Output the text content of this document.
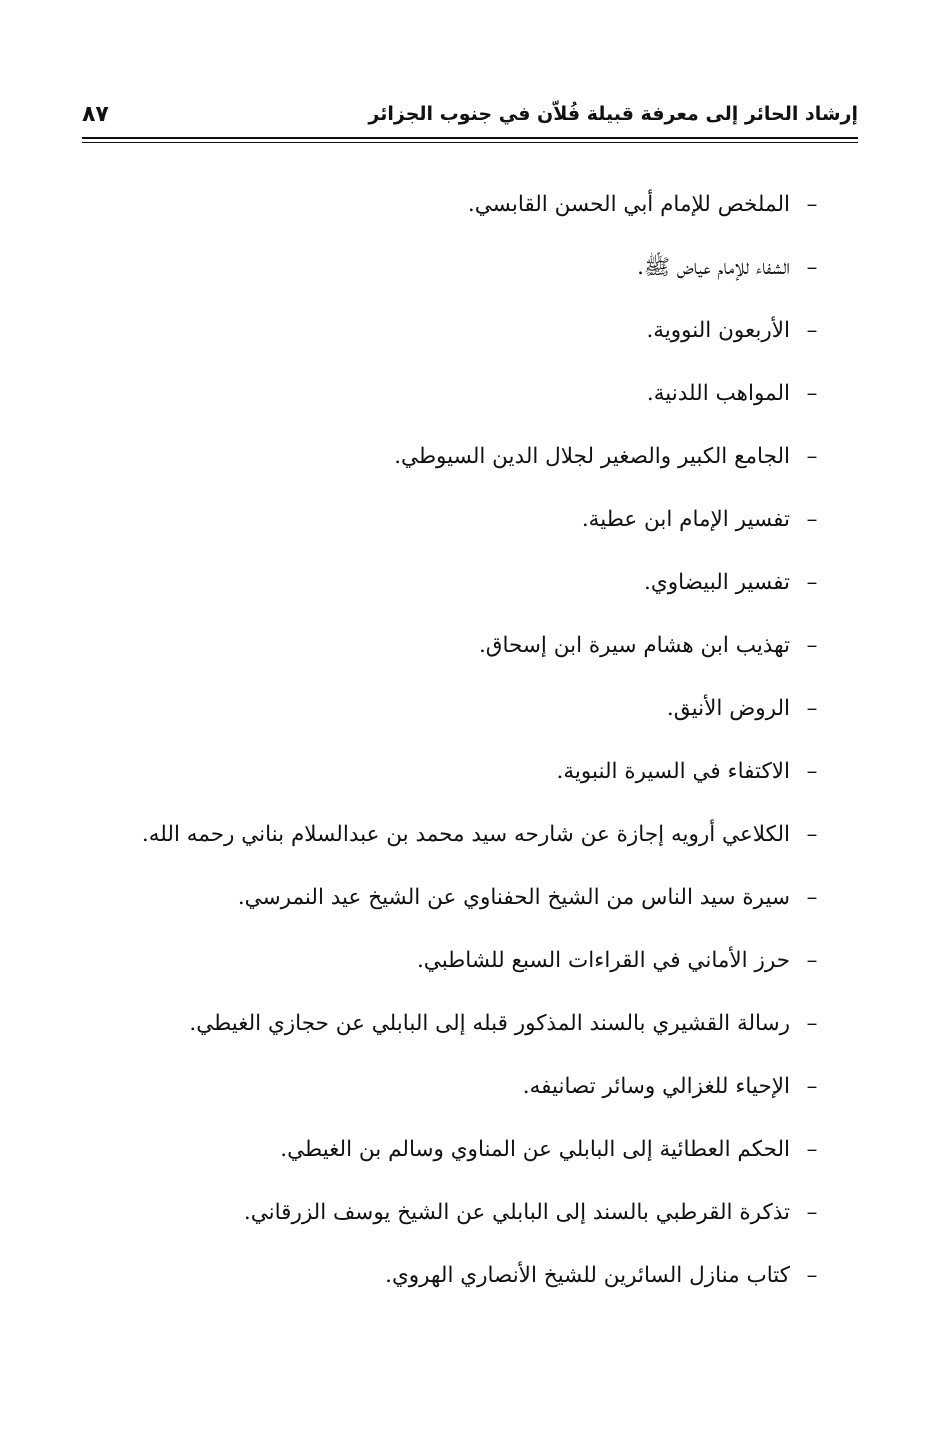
إرشاد الحائر إلى معرفة قبيلة فُلاّن في جنوب الجزائر
٨٧
–
الملخص للإمام أبي الحسن القابسي.
–
الشفاء للإمام عياض ﷺ.
–
الأربعون النووية.
–
المواهب اللدنية.
–
الجامع الكبير والصغير لجلال الدين السيوطي.
–
تفسير الإمام ابن عطية.
–
تفسير البيضاوي.
–
تهذيب ابن هشام سيرة ابن إسحاق.
–
الروض الأنيق.
–
الاكتفاء في السيرة النبوية.
–
الكلاعي أرويه إجازة عن شارحه سيد محمد بن عبدالسلام بناني رحمه الله.
–
سيرة سيد الناس من الشيخ الحفناوي عن الشيخ عيد النمرسي.
–
حرز الأماني في القراءات السبع للشاطبي.
–
رسالة القشيري بالسند المذكور قبله إلى البابلي عن حجازي الغيطي.
–
الإحياء للغزالي وسائر تصانيفه.
–
الحكم العطائية إلى البابلي عن المناوي وسالم بن الغيطي.
–
تذكرة القرطبي بالسند إلى البابلي عن الشيخ يوسف الزرقاني.
–
كتاب منازل السائرين للشيخ الأنصاري الهروي.
